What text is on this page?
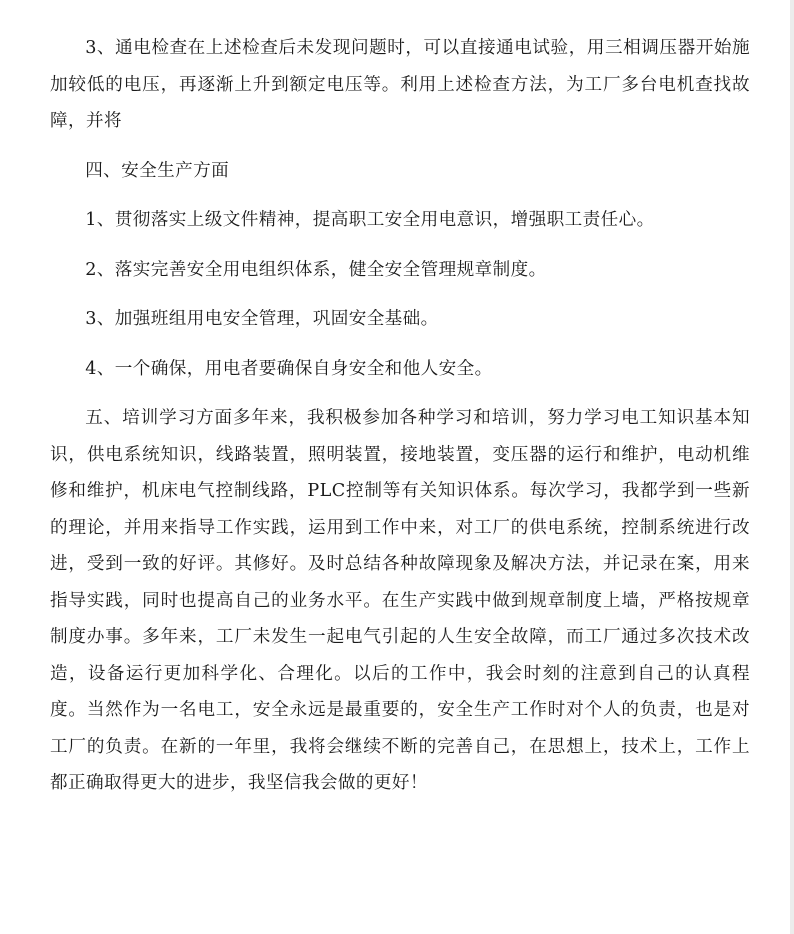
3、通电检查在上述检查后未发现问题时，可以直接通电试验，用三相调压器开始施加较低的电压，再逐渐上升到额定电压等。利用上述检查方法，为工厂多台电机查找故障，并将

四、安全生产方面

1、贯彻落实上级文件精神，提高职工安全用电意识，增强职工责任心。

2、落实完善安全用电组织体系，健全安全管理规章制度。

3、加强班组用电安全管理，巩固安全基础。

4、一个确保，用电者要确保自身安全和他人安全。

五、培训学习方面多年来，我积极参加各种学习和培训，努力学习电工知识基本知识，供电系统知识，线路装置，照明装置，接地装置，变压器的运行和维护，电动机维修和维护，机床电气控制线路，PLC控制等有关知识体系。每次学习，我都学到一些新的理论，并用来指导工作实践，运用到工作中来，对工厂的供电系统，控制系统进行改进，受到一致的好评。其修好。及时总结各种故障现象及解决方法，并记录在案，用来指导实践，同时也提高自己的业务水平。在生产实践中做到规章制度上墙，严格按规章制度办事。多年来，工厂未发生一起电气引起的人生安全故障，而工厂通过多次技术改造，设备运行更加科学化、合理化。以后的工作中，我会时刻的注意到自己的认真程度。当然作为一名电工，安全永远是最重要的，安全生产工作时对个人的负责，也是对工厂的负责。在新的一年里，我将会继续不断的完善自己，在思想上，技术上，工作上都正确取得更大的进步，我坚信我会做的更好！
